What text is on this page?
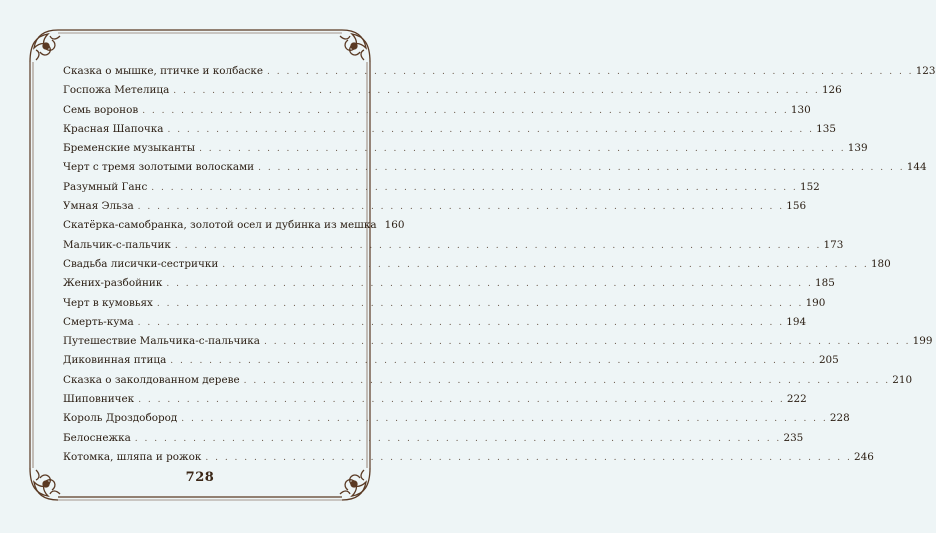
Сказка о мышке, птичке и колбаске . . .	123
Госпожа Метелица . . .	126
Семь воронов . . .	130
Красная Шапочка . . .	135
Бременские музыканты . . .	139
Черт с тремя золотыми волосками . . .	144
Разумный Ганс . . .	152
Умная Эльза . . .	156
Скатёрка-самобранка, золотой осел и дубинка из мешка 160
Мальчик-с-пальчик . . .	173
Свадьба лисички-сестрички . . .	180
Жених-разбойник . . .	185
Черт в кумовьях . . .	190
Смерть-кума . . .	194
Путешествие Мальчика-с-пальчика . . .	199
Диковинная птица . . .	205
Сказка о заколдованном дереве . . .	210
Шиповничек . . .	222
Король Дроздобород . . .	228
Белоснежка . . .	235
Котомка, шляпа и рожок . . .	246
728
